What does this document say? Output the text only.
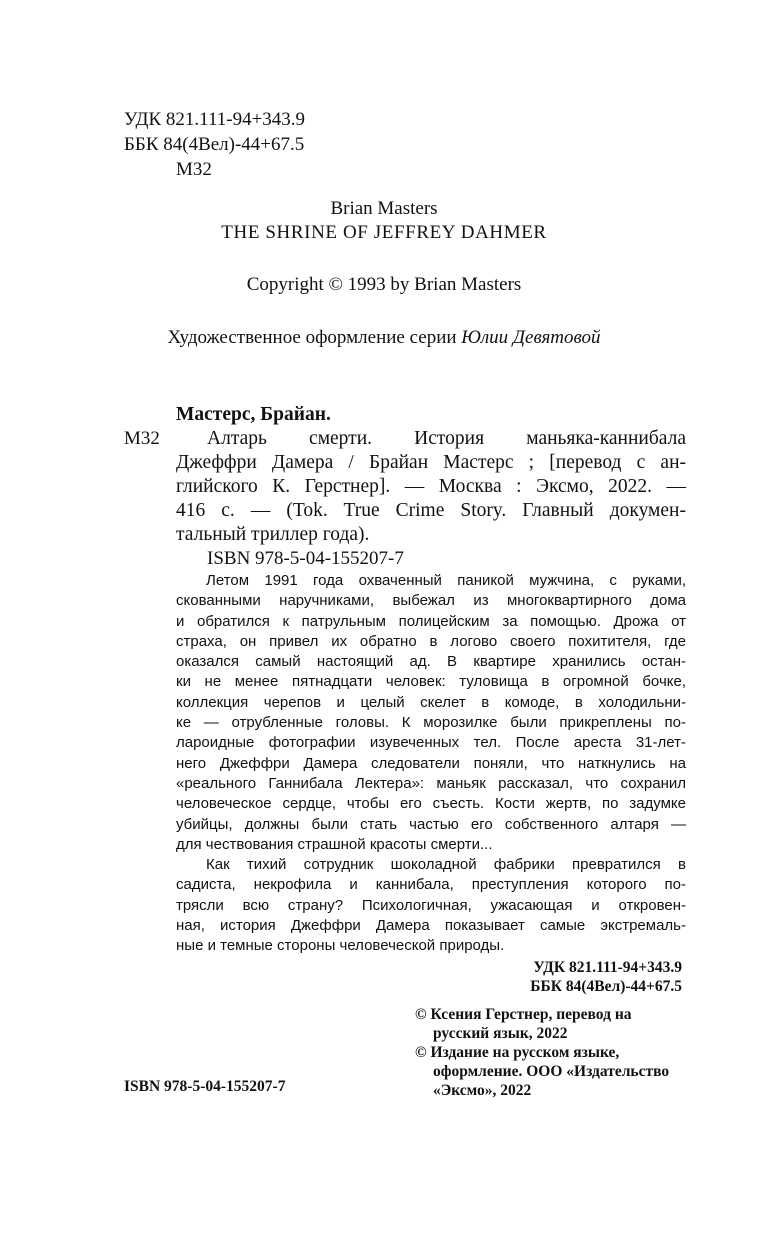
УДК 821.111-94+343.9
ББК 84(4Вел)-44+67.5
М32
Brian Masters
THE SHRINE OF JEFFREY DAHMER
Copyright © 1993 by Brian Masters
Художественное оформление серии Юлии Девятовой
Мастерс, Брайан.
М32 Алтарь смерти. История маньяка-каннибала
Джеффри Дамера / Брайан Мастерс ; [перевод с ан-
глийского К. Герстнер]. — Москва : Эксмо, 2022. —
416 с. — (Tok. True Crime Story. Главный докумен-
тальный триллер года).
ISBN 978-5-04-155207-7
Летом 1991 года охваченный паникой мужчина, с руками,
скованными наручниками, выбежал из многоквартирного дома
и обратился к патрульным полицейским за помощью. Дрожа от
страха, он привел их обратно в логово своего похитителя, где
оказался самый настоящий ад. В квартире хранились остан-
ки не менее пятнадцати человек: туловища в огромной бочке,
коллекция черепов и целый скелет в комоде, в холодильни-
ке — отрубленные головы. К морозилке были прикреплены по-
лароидные фотографии изувеченных тел. После ареста 31-лет-
него Джеффри Дамера следователи поняли, что наткнулись на
«реального Ганнибала Лектера»: маньяк рассказал, что сохранил
человеческое сердце, чтобы его съесть. Кости жертв, по задумке
убийцы, должны были стать частью его собственного алтаря —
для чествования страшной красоты смерти...
Как тихий сотрудник шоколадной фабрики превратился в
садиста, некрофила и каннибала, преступления которого по-
трясли всю страну? Психологичная, ужасающая и откровен-
ная, история Джеффри Дамера показывает самые экстремаль-
ные и темные стороны человеческой природы.
УДК 821.111-94+343.9
ББК 84(4Вел)-44+67.5
© Ксения Герстнер, перевод на
русский язык, 2022
© Издание на русском языке,
оформление. ООО «Издательство
«Эксмо», 2022
ISBN 978-5-04-155207-7
